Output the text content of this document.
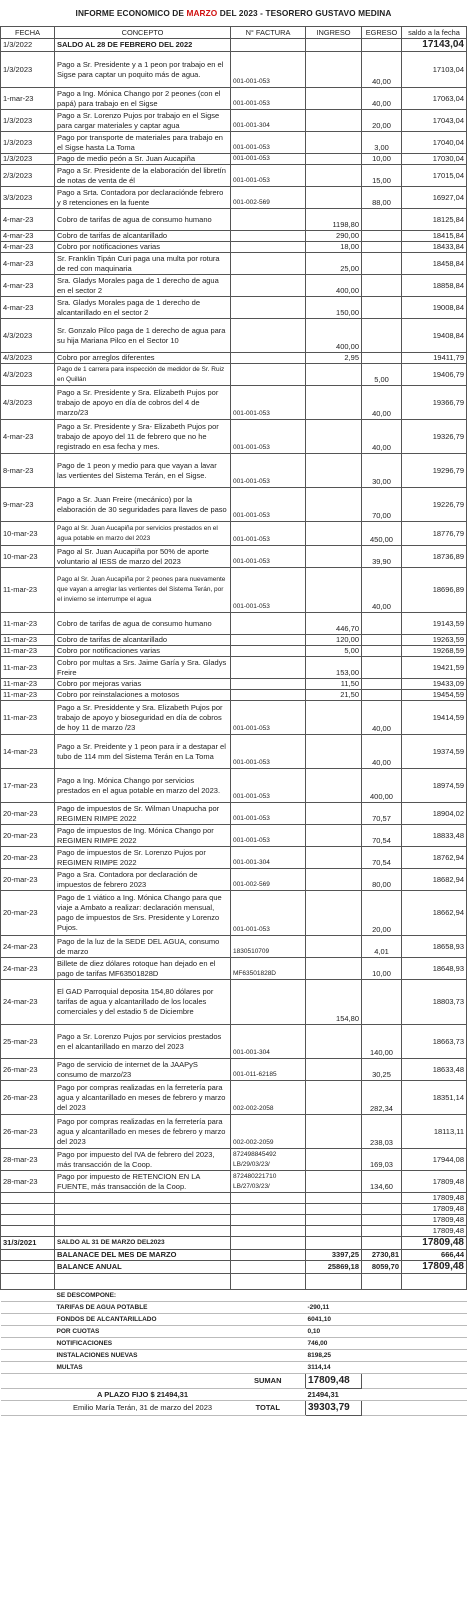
INFORME ECONOMICO DE MARZO DEL 2023 - TESORERO GUSTAVO MEDINA
FECHA	CONCEPTO	N° FACTURA	INGRESO	EGRESO	saldo a la fecha
1/3/2022	SALDO AL 28 DE FEBRERO DEL 2022				17143,04
1/3/2023	Pago a Sr. Presidente y a 1 peon por trabajo en el Sigse para captar un poquito más de agua.	001-001-053		40,00	17103,04
1-mar-23	Pago a Ing. Mónica Chango por 2 peones (con el papá) para trabajo en el Sigse	001-001-053		40,00	17063,04
1/3/2023	Pago a Sr. Lorenzo Pujos por trabajo en el Sigse para cargar materiales y captar agua	001-001-304		20,00	17043,04
1/3/2023	Pago por transporte de materiales para trabajo en el Sigse hasta La Toma	001-001-053		3,00	17040,04
1/3/2023	Pago de medio peón a Sr. Juan Aucapiña	001-001-053		10,00	17030,04
2/3/2023	Pago a Sr. Presidente de la elaboración del libretín de notas de venta de él	001-001-053		15,00	17015,04
3/3/2023	Pago a Srta. Contadora por declaracióndе febrero y 8 retenciones en la fuente	001-002-569		88,00	16927,04
4-mar-23	Cobro de tarifas de agua de consumo humano		1198,80		18125,84
4-mar-23	Cobro de tarifas de alcantarillado		290,00		18415,84
4-mar-23	Cobro por notificaciones varias		18,00		18433,84
4-mar-23	Sr. Franklin Tipán Curi paga una multa por rotura de red con maquinaria		25,00		18458,84
4-mar-23	Sra. Gladys Morales paga de 1 derecho de agua en el sector 2		400,00		18858,84
4-mar-23	Sra. Gladys Morales paga de 1 derecho de alcantarillado en el sector 2		150,00		19008,84
4/3/2023	Sr. Gonzalo Pilco paga de 1 derecho de agua para su hija Mariana Pilco en el Sector 10		400,00		19408,84
4/3/2023	Cobro por arreglos diferentes		2,95		19411,79
4/3/2023	Pago de 1 carrera para inspección de medidor de Sr. Ruiz en Quillán			5,00	19406,79
4/3/2023	Pago a Sr. Presidente y Sra. Elizabeth Pujos por trabajo de apoyo en día de cobros del 4 de marzo/23	001-001-053		40,00	19366,79
4-mar-23	Pago a Sr. Presidente y Sra- Elizabeth Pujos por trabajo de apoyo del 11 de febrero que no he registrado en esa fecha y mes.	001-001-053		40,00	19326,79
8-mar-23	Pago de 1 peon y medio para que vayan a lavar las vertientes del Sistema Terán, en el Sigse.	001-001-053		30,00	19296,79
9-mar-23	Pago a Sr. Juan Freire (mecánico) por la elaboración de 30 seguridades para llaves de paso	001-001-053		70,00	19226,79
10-mar-23	Pago al Sr. Juan Aucapiña por servicios prestados en el agua potable en marzo del 2023	001-001-053		450,00	18776,79
10-mar-23	Pago al Sr. Juan Aucapiña por 50% de aporte voluntario al IESS de marzo del 2023	001-001-053		39,90	18736,89
11-mar-23	Pago al Sr. Juan Aucapiña por 2 peones para nuevamente que vayan a arreglar las vertientes del Sistema Terán, por el invierno se interrumpe el agua	001-001-053		40,00	18696,89
11-mar-23	Cobro de tarifas de agua de consumo humano		446,70		19143,59
11-mar-23	Cobro de tarifas de alcantarillado		120,00		19263,59
11-mar-23	Cobro por notificaciones varias		5,00		19268,59
11-mar-23	Cobro por multas a Srs. Jaime Garía y Sra. Gladys Freire		153,00		19421,59
11-mar-23	Cobro por mejoras varias		11,50		19433,09
11-mar-23	Cobro por reinstalaciones a motosos		21,50		19454,59
11-mar-23	Pago a Sr. Presiddente y Sra. Elizabeth Pujos por trabajo de apoyo y bioseguridad en día de cobros de hoy 11 de marzo /23	001-001-053		40,00	19414,59
14-mar-23	Pago a Sr. Preidente y 1 peon para ir a destapar el tubo de 114 mm del Sistema Terán en La Toma	001-001-053		40,00	19374,59
17-mar-23	Pago a Ing. Mónica Chango por servicios prestados en el agua potable en marzo del 2023.	001-001-053		400,00	18974,59
20-mar-23	Pago de impuestos de Sr. Wilman Unapucha por REGIMEN RIMPE 2022	001-001-053		70,57	18904,02
20-mar-23	Pago de impuestos de Ing. Mónica Chango por REGIMEN RIMPE 2022	001-001-053		70,54	18833,48
20-mar-23	Pago de impuestos de Sr. Lorenzo Pujos por REGIMEN RIMPE 2022	001-001-304		70,54	18762,94
20-mar-23	Pago a Sra. Contadora por declaración de impuestos de febrero 2023	001-002-569		80,00	18682,94
20-mar-23	Pago de 1 viático a Ing. Mónica Chango para que viaje a Ambato a realizar: declaración mensual, pago de impuestos de Srs. Presidente y Lorenzo Pujos.	001-001-053		20,00	18662,94
24-mar-23	Pago de la luz de la SEDE DEL AGUA, consumo de marzo	1830510709		4,01	18658,93
24-mar-23	Billete de diez dólares rotoque han dejado en el pago de tarifas MF63501828D	MF63501828D		10,00	18648,93
24-mar-23	El GAD Parroquial deposita 154,80 dólares por tarifas de agua y alcantarillado de los locales comerciales y del estadio 5 de Diciembre		154,80		18803,73
25-mar-23	Pago a Sr. Lorenzo Pujos por servicios prestados en el alcantarillado en marzo del 2023	001-001-304		140,00	18663,73
26-mar-23	Pago de servicio de internet de la JAAPyS consumo de marzo/23	001-011-62185		30,25	18633,48
26-mar-23	Pago por compras realizadas en la ferretería para agua y alcantarillado en meses de febrero y marzo del 2023	002-002-2058		282,34	18351,14
26-mar-23	Pago por compras realizadas en la ferretería para agua y alcantarillado en meses de febrero y marzo del 2023	002-002-2059		238,03	18113,11
28-mar-23	Pago por impuesto del IVA de febrero del 2023, más transacción de la Coop.	872498845492 LB/29/03/23/		169,03	17944,08
28-mar-23	Pago por impuesto de RETENCION EN LA FUENTE, más transacción de la Coop.	872480221710 LB/27/03/23/		134,60	17809,48
					17809,48
					17809,48
					17809,48
					17809,48
31/3/2021	SALDO AL 31 DE MARZO DEL2023				17809,48
	BALANACE DEL MES DE MARZO		3397,25	2730,81	666,44
	BALANCE ANUAL		25869,18	8059,70	17809,48

	SE DESCOMPONE:				
	TARIFAS DE AGUA POTABLE		-290,11		
	FONDOS DE ALCANTARILLADO		6041,10		
	POR CUOTAS		0,10		
	NOTIFICACIONES		746,00		
	INSTALACIONES NUEVAS		8198,25		
	MULTAS		3114,14		
		SUMAN	17809,48		
	A PLAZO FIJO $ 21494,31		21494,31		
	Emilio María Terán, 31 de marzo del 2023	TOTAL	39303,79		
